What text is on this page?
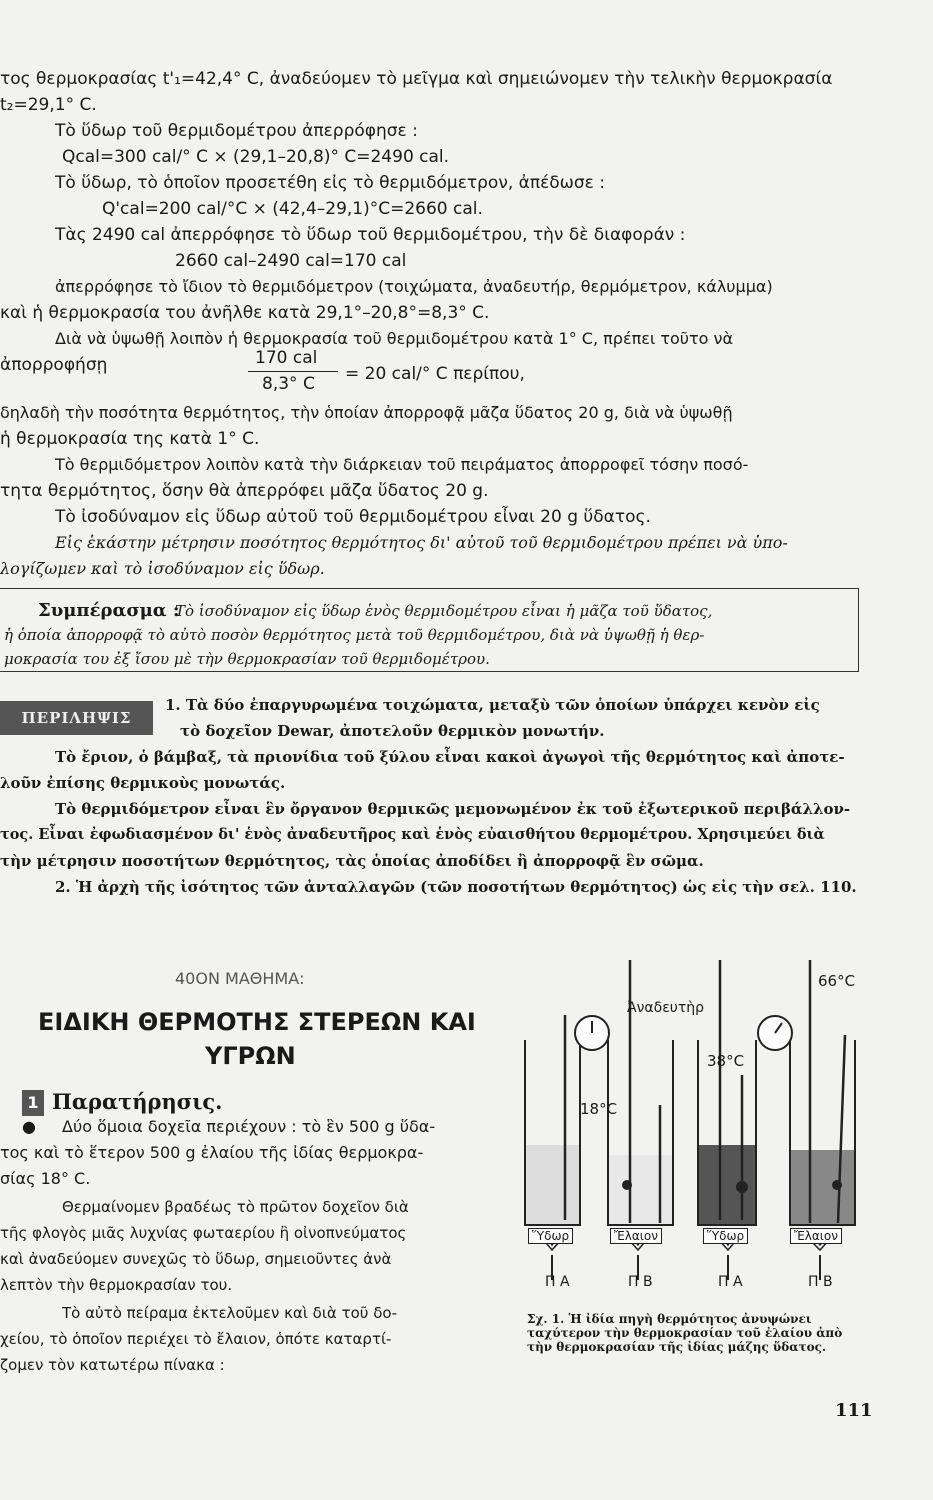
τος θερμοκρασίας t'₁=42,4° C, ἀναδεύομεν τὸ μεῖγμα καὶ σημειώνομεν τὴν τελικὴν θερμοκρασία
t₂=29,1° C.
Τὸ ὕδωρ τοῦ θερμιδομέτρου ἀπερρόφησε :
Qcal=300 cal/° C × (29,1–20,8)° C=2490 cal.
Τὸ ὕδωρ, τὸ ὁποῖον προσετέθη εἰς τὸ θερμιδόμετρον, ἀπέδωσε :
Q'cal=200 cal/°C × (42,4–29,1)°C=2660 cal.
Τὰς 2490 cal ἀπερρόφησε τὸ ὕδωρ τοῦ θερμιδομέτρου, τὴν δὲ διαφοράν :
2660 cal–2490 cal=170 cal
ἀπερρόφησε τὸ ἴδιον τὸ θερμιδόμετρον (τοιχώματα, ἀναδευτήρ, θερμόμετρον, κάλυμμα)
καὶ ἡ θερμοκρασία του ἀνῆλθε κατὰ 29,1°–20,8°=8,3° C.
Διὰ νὰ ὑψωθῇ λοιπὸν ἡ θερμοκρασία τοῦ θερμιδομέτρου κατὰ 1° C, πρέπει τοῦτο νὰ
ἀπορροφήσῃ	170 cal
8,3° C = 20 cal/° C περίπου,
δηλαδὴ τὴν ποσότητα θερμότητος, τὴν ὁποίαν ἀπορροφᾷ μᾶζα ὕδατος 20 g, διὰ νὰ ὑψωθῇ
ἡ θερμοκρασία της κατὰ 1° C.
Τὸ θερμιδόμετρον λοιπὸν κατὰ τὴν διάρκειαν τοῦ πειράματος ἀπορροφεῖ τόσην ποσό-
τητα θερμότητος, ὅσην θὰ ἀπερρόφει μᾶζα ὕδατος 20 g.
Τὸ ἰσοδύναμον εἰς ὕδωρ αὐτοῦ τοῦ θερμιδομέτρου εἶναι 20 g ὕδατος.
Εἰς ἑκάστην μέτρησιν ποσότητος θερμότητος δι' αὐτοῦ τοῦ θερμιδομέτρου πρέπει νὰ ὑπο-
λογίζωμεν καὶ τὸ ἰσοδύναμον εἰς ὕδωρ.
Συμπέρασμα :
Τὸ ἰσοδύναμον εἰς ὕδωρ ἑνὸς θερμιδομέτρου εἶναι ἡ μᾶζα τοῦ ὕδατος,
ἡ ὁποία ἀπορροφᾷ τὸ αὐτὸ ποσὸν θερμότητος μετὰ τοῦ θερμιδομέτρου, διὰ νὰ ὑψωθῇ ἡ θερ-
μοκρασία του ἐξ ἴσου μὲ τὴν θερμοκρασίαν τοῦ θερμιδομέτρου.
ΠΕΡΙΛΗΨΙΣ
1. Τὰ δύο ἐπαργυρωμένα τοιχώματα, μεταξὺ τῶν ὁποίων ὑπάρχει κενὸν εἰς
τὸ δοχεῖον Dewar, ἀποτελοῦν θερμικὸν μονωτήν.
Τὸ ἔριον, ὁ βάμβαξ, τὰ πριονίδια τοῦ ξύλου εἶναι κακοὶ ἀγωγοὶ τῆς θερμότητος καὶ ἀποτε-
λοῦν ἐπίσης θερμικοὺς μονωτάς.
Τὸ θερμιδόμετρον εἶναι ἓν ὄργανον θερμικῶς μεμονωμένον ἐκ τοῦ ἐξωτερικοῦ περιβάλλον-
τος. Εἶναι ἐφωδιασμένον δι' ἑνὸς ἀναδευτῆρος καὶ ἑνὸς εὐαισθήτου θερμομέτρου. Χρησιμεύει διὰ
τὴν μέτρησιν ποσοτήτων θερμότητος, τὰς ὁποίας ἀποδίδει ἢ ἀπορροφᾷ ἓν σῶμα.
2. Ἡ ἀρχὴ τῆς ἰσότητος τῶν ἀνταλλαγῶν (τῶν ποσοτήτων θερμότητος) ὡς εἰς τὴν σελ. 110.
40ΟΝ ΜΑΘΗΜΑ:
ΕΙΔΙΚΗ ΘΕΡΜΟΤΗΣ ΣΤΕΡΕΩΝ ΚΑΙ
ΥΓΡΩΝ
1 Παρατήρησις.
● Δύο ὅμοια δοχεῖα περιέχουν : τὸ ἓν 500 g ὕδα-
τος καὶ τὸ ἕτερον 500 g ἐλαίου τῆς ἰδίας θερμοκρα-
σίας 18° C.
Θερμαίνομεν βραδέως τὸ πρῶτον δοχεῖον διὰ
τῆς φλογὸς μιᾶς λυχνίας φωταερίου ἢ οἰνοπνεύματος
καὶ ἀναδεύομεν συνεχῶς τὸ ὕδωρ, σημειοῦντες ἀνὰ
λεπτὸν τὴν θερμοκρασίαν του.
Τὸ αὐτὸ πείραμα ἐκτελοῦμεν καὶ διὰ τοῦ δο-
χείου, τὸ ὁποῖον περιέχει τὸ ἔλαιον, ὁπότε καταρτί-
ζομεν τὸν κατωτέρω πίνακα :
66°C
Ἀναδευτὴρ
38°C
18°C
Ὕδωρ	Ἔλαιον	Ὕδωρ	Ἔλαιον
Π A	Π B	Π A	Π B
Σχ. 1. Ἡ ἰδία πηγὴ θερμότητος ἀνυψώνει
ταχύτερον τὴν θερμοκρασίαν τοῦ ἐλαίου ἀπὸ
τὴν θερμοκρασίαν τῆς ἰδίας μάζης ὕδατος.
111
